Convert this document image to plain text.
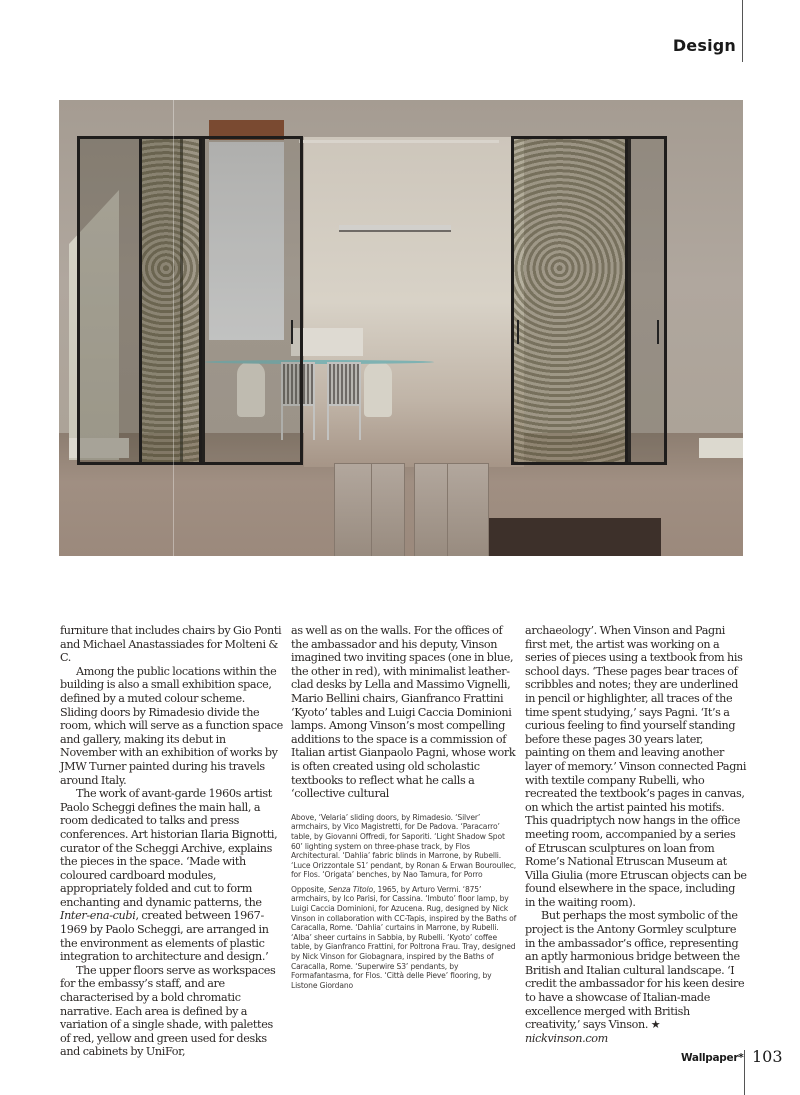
Design

furniture that includes chairs by Gio Ponti and Michael Anastassiades for Molteni & C.

Among the public locations within the building is also a small exhibition space, defined by a muted colour scheme. Sliding doors by Rimadesio divide the room, which will serve as a function space and gallery, making its debut in November with an exhibition of works by JMW Turner painted during his travels around Italy.

The work of avant-garde 1960s artist Paolo Scheggi defines the main hall, a room dedicated to talks and press conferences. Art historian Ilaria Bignotti, curator of the Scheggi Archive, explains the pieces in the space. ‘Made with coloured cardboard modules, appropriately folded and cut to form enchanting and dynamic patterns, the Inter-ena-cubi, created between 1967-1969 by Paolo Scheggi, are arranged in the environment as elements of plastic integration to architecture and design.’

The upper floors serve as workspaces for the embassy’s staff, and are characterised by a bold chromatic narrative. Each area is defined by a variation of a single shade, with palettes of red, yellow and green used for desks and cabinets by UniFor,

as well as on the walls. For the offices of the ambassador and his deputy, Vinson imagined two inviting spaces (one in blue, the other in red), with minimalist leather-clad desks by Lella and Massimo Vignelli, Mario Bellini chairs, Gianfranco Frattini ‘Kyoto’ tables and Luigi Caccia Dominioni lamps. Among Vinson’s most compelling additions to the space is a commission of Italian artist Gianpaolo Pagni, whose work is often created using old scholastic textbooks to reflect what he calls a ‘collective cultural

Above, ‘Velaria’ sliding doors, by Rimadesio. ‘Silver’ armchairs, by Vico Magistretti, for De Padova. ‘Paracarro’ table, by Giovanni Offredi, for Saporiti. ‘Light Shadow Spot 60’ lighting system on three-phase track, by Flos Architectural. ‘Dahlia’ fabric blinds in Marrone, by Rubelli. ‘Luce Orizzontale S1’ pendant, by Ronan & Erwan Bouroullec, for Flos. ‘Origata’ benches, by Nao Tamura, for Porro

Opposite, Senza Titolo, 1965, by Arturo Vermi. ‘875’ armchairs, by Ico Parisi, for Cassina. ‘Imbuto’ floor lamp, by Luigi Caccia Dominioni, for Azucena. Rug, designed by Nick Vinson in collaboration with CC-Tapis, inspired by the Baths of Caracalla, Rome. ‘Dahlia’ curtains in Marrone, by Rubelli. ‘Alba’ sheer curtains in Sabbia, by Rubelli. ‘Kyoto’ coffee table, by Gianfranco Frattini, for Poltrona Frau. Tray, designed by Nick Vinson for Giobagnara, inspired by the Baths of Caracalla, Rome. ‘Superwire S3’ pendants, by Formafantasma, for Flos. ‘Città delle Pieve’ flooring, by Listone Giordano

archaeology’. When Vinson and Pagni first met, the artist was working on a series of pieces using a textbook from his school days. ‘These pages bear traces of scribbles and notes; they are underlined in pencil or highlighter, all traces of the time spent studying,’ says Pagni. ‘It’s a curious feeling to find yourself standing before these pages 30 years later, painting on them and leaving another layer of memory.’ Vinson connected Pagni with textile company Rubelli, who recreated the textbook’s pages in canvas, on which the artist painted his motifs. This quadriptych now hangs in the office meeting room, accompanied by a series of Etruscan sculptures on loan from Rome’s National Etruscan Museum at Villa Giulia (more Etruscan objects can be found elsewhere in the space, including in the waiting room).

But perhaps the most symbolic of the project is the Antony Gormley sculpture in the ambassador’s office, representing an aptly harmonious bridge between the British and Italian cultural landscape. ‘I credit the ambassador for his keen desire to have a showcase of Italian-made excellence merged with British creativity,’ says Vinson. ★
nickvinson.com

Wallpaper* 103
